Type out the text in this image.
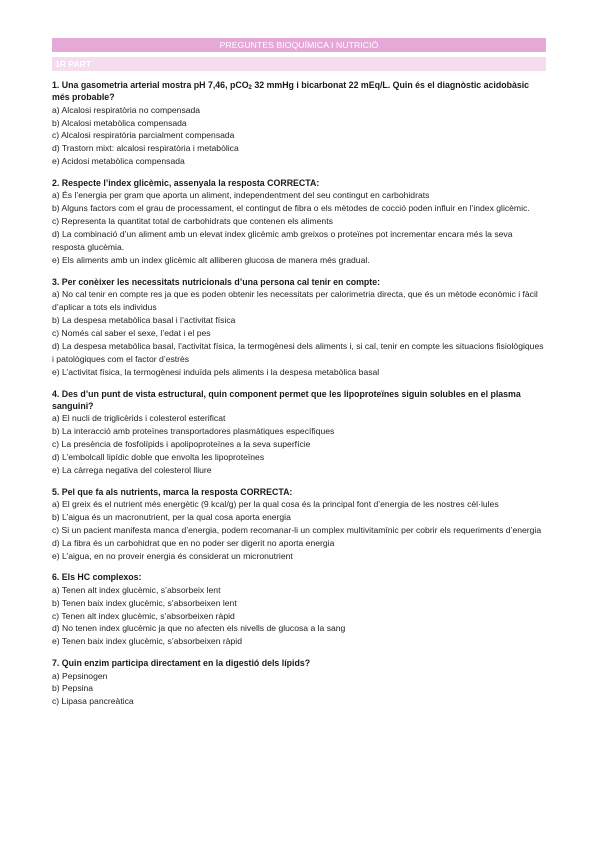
PREGUNTES BIOQUÍMICA I NUTRICIÓ
1R PART
1. Una gasometria arterial mostra pH 7,46, pCO$_2$ 32 mmHg i bicarbonat 22 mEq/L. Quin és el diagnòstic acidobàsic més probable?
a) Alcalosi respiratòria no compensada
b) Alcalosi metabòlica compensada
c) Alcalosi respiratòria parcialment compensada
d) Trastorn mixt: alcalosi respiratòria i metabòlica
e) Acidosi metabòlica compensada
2. Respecte l’index glicèmic, assenyala la resposta CORRECTA:
a) És l’energia per gram que aporta un aliment, independentment del seu contingut en carbohidrats
b) Alguns factors com el grau de processament, el contingut de fibra o els mètodes de cocció poden influir en l’index glicèmic.
c) Representa la quantitat total de carbohidrats que contenen els aliments
d) La combinació d’un aliment amb un elevat index glicèmic amb greixos o proteïnes pot incrementar encara més la seva resposta glucèmia.
e) Els aliments amb un index glicèmic alt alliberen glucosa de manera més gradual.
3. Per conèixer les necessitats nutricionals d’una persona cal tenir en compte:
a) No cal tenir en compte res ja que es poden obtenir les necessitats per calorimetria directa, que és un mètode econòmic i fàcil d’aplicar a tots els individus
b) La despesa metabòlica basal i l’activitat física
c) Només cal saber el sexe, l’edat i el pes
d) La despesa metabòlica basal, l’activitat física, la termogènesi dels aliments i, si cal, tenir en compte les situacions fisiològiques i patològiques com el factor d’estrès
e) L’activitat física, la termogènesi induïda pels aliments i la despesa metabòlica basal
4. Des d’un punt de vista estructural, quin component permet que les lipoproteïnes siguin solubles en el plasma sanguini?
a) El nucli de triglicèrids i colesterol esterificat
b) La interacció amb proteïnes transportadores plasmàtiques específiques
c) La presència de fosfolípids i apolipoproteïnes a la seva superfície
d) L’embolcall lipídic doble que envolta les lipoproteïnes
e) La càrrega negativa del colesterol lliure
5. Pel que fa als nutrients, marca la resposta CORRECTA:
a) El greix és el nutrient més energètic (9 kcal/g) per la qual cosa és la principal font d’energia de les nostres cèl·lules
b) L’aigua és un macronutrient, per la qual cosa aporta energia
c) Si un pacient manifesta manca d’energia, podem recomanar-li un complex multivitamínic per cobrir els requeriments d’energia
d) La fibra és un carbohidrat que en no poder ser digerit no aporta energia
e) L’aigua, en no proveir energia és considerat un micronutrient
6. Els HC complexos:
a) Tenen alt index glucèmic, s’absorbeix lent
b) Tenen baix index glucèmic, s’absorbeixen lent
c) Tenen alt index glucèmic, s’absorbeixen ràpid
d) No tenen index glucèmic ja que no afecten els nivells de glucosa a la sang
e) Tenen baix index glucèmic, s’absorbeixen ràpid
7. Quin enzim participa directament en la digestió dels lípids?
a) Pepsinogen
b) Pepsina
c) Lipasa pancreàtica
